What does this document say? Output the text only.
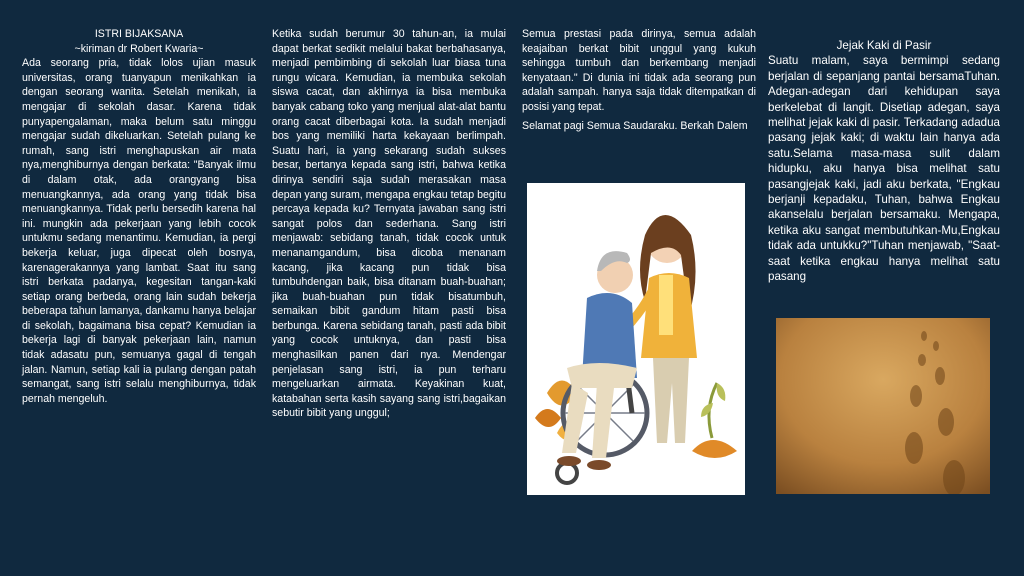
ISTRI BIJAKSANA

~kiriman dr Robert Kwaria~

Ada seorang pria, tidak lolos ujian masuk universitas, orang tuanyapun menikahkan ia dengan seorang wanita. Setelah menikah, ia mengajar di sekolah dasar. Karena tidak punyapengalaman, maka belum satu minggu mengajar sudah dikeluarkan. Setelah pulang ke rumah, sang istri menghapuskan air mata nya,menghiburnya dengan berkata: "Banyak ilmu di dalam otak, ada orangyang bisa menuangkannya, ada orang yang tidak bisa menuangkannya. Tidak perlu bersedih karena hal ini. mungkin ada pekerjaan yang lebih cocok untukmu sedang menantimu. Kemudian, ia pergi bekerja keluar, juga dipecat oleh bosnya, karenagerakannya yang lambat. Saat itu sang istri berkata padanya, kegesitan tangan-kaki setiap orang berbeda, orang lain sudah bekerja beberapa tahun lamanya, dankamu hanya belajar di sekolah, bagaimana bisa cepat? Kemudian ia bekerja lagi di banyak pekerjaan lain, namun tidak adasatu pun, semuanya gagal di tengah jalan. Namun, setiap kali ia pulang dengan patah semangat, sang istri selalu menghiburnya, tidak pernah mengeluh.

Ketika sudah berumur 30 tahun-an, ia mulai dapat berkat sedikit melalui bakat berbahasanya, menjadi pembimbing di sekolah luar biasa tuna rungu wicara. Kemudian, ia membuka sekolah siswa cacat, dan akhirnya ia bisa membuka banyak cabang toko yang menjual alat-alat bantu orang cacat diberbagai kota. Ia sudah menjadi bos yang memiliki harta kekayaan berlimpah. Suatu hari, ia yang sekarang sudah sukses besar, bertanya kepada sang istri, bahwa ketika dirinya sendiri saja sudah merasakan masa depan yang suram, mengapa engkau tetap begitu percaya kepada ku? Ternyata jawaban sang istri sangat polos dan sederhana. Sang istri menjawab: sebidang tanah, tidak cocok untuk menanamgandum, bisa dicoba menanam kacang, jika kacang pun tidak bisa tumbuhdengan baik, bisa ditanam buah-buahan; jika buah-buahan pun tidak bisatumbuh, semaikan bibit gandum hitam pasti bisa berbunga. Karena sebidang tanah, pasti ada bibit yang cocok untuknya, dan pasti bisa menghasilkan panen dari nya. Mendengar penjelasan sang istri, ia pun terharu mengeluarkan airmata. Keyakinan kuat, katabahan serta kasih sayang sang istri,bagaikan sebutir bibit yang unggul;

Semua prestasi pada dirinya, semua adalah keajaiban berkat bibit unggul yang kukuh sehingga tumbuh dan berkembang menjadi kenyataan." Di dunia ini tidak ada seorang pun adalah sampah. hanya saja tidak ditempatkan di posisi yang tepat.

Selamat pagi Semua Saudaraku. Berkah Dalem

Jejak Kaki di Pasir

Suatu malam, saya bermimpi sedang berjalan di sepanjang pantai bersamaTuhan. Adegan-adegan dari kehidupan saya berkelebat di langit. Disetiap adegan, saya melihat jejak kaki di pasir. Terkadang adadua pasang jejak kaki; di waktu lain hanya ada satu.Selama masa-masa sulit dalam hidupku, aku hanya bisa melihat satu pasangjejak kaki, jadi aku berkata, "Engkau berjanji kepadaku, Tuhan, bahwa Engkau akanselalu berjalan bersamaku. Mengapa, ketika aku sangat membutuhkan-Mu,Engkau tidak ada untukku?"Tuhan menjawab, "Saat-saat ketika engkau hanya melihat satu pasang
